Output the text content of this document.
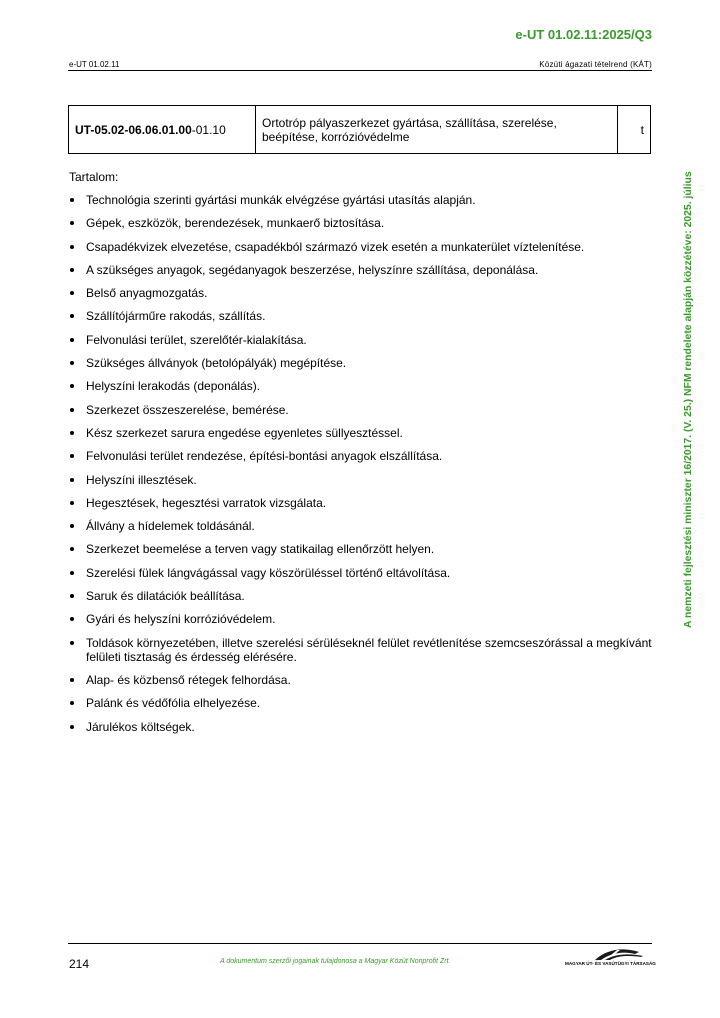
e-UT 01.02.11:2025/Q3
e-UT 01.02.11	Közúti ágazati tételrend (KÁT)
UT-05.02-06.06.01.00-01.10	Ortotróp pályaszerkezet gyártása, szállítása, szerelése, beépítése, korrózióvédelme	t
Tartalom:
Technológia szerinti gyártási munkák elvégzése gyártási utasítás alapján.
Gépek, eszközök, berendezések, munkaerő biztosítása.
Csapadékvizek elvezetése, csapadékból származó vizek esetén a munkaterület víztelenítése.
A szükséges anyagok, segédanyagok beszerzése, helyszínre szállítása, deponálása.
Belső anyagmozgatás.
Szállítójárműre rakodás, szállítás.
Felvonulási terület, szerelőtér-kialakítása.
Szükséges állványok (betolópályák) megépítése.
Helyszíni lerakodás (deponálás).
Szerkezet összeszerelése, bemérése.
Kész szerkezet sarura engedése egyenletes süllyesztéssel.
Felvonulási terület rendezése, építési-bontási anyagok elszállítása.
Helyszíni illesztések.
Hegesztések, hegesztési varratok vizsgálata.
Állvány a hídelemek toldásánál.
Szerkezet beemelése a terven vagy statikailag ellenőrzött helyen.
Szerelési fülek lángvágással vagy köszörüléssel történő eltávolítása.
Saruk és dilatációk beállítása.
Gyári és helyszíni korrózióvédelem.
Toldások környezetében, illetve szerelési sérüléseknél felület revétlenítése szemcseszórással a megkívánt felületi tisztaság és érdesség elérésére.
Alap- és közbenső rétegek felhordása.
Palánk és védőfólia elhelyezése.
Járulékos költségek.
A nemzeti fejlesztési miniszter 16/2017. (V. 25.) NFM rendelete alapján közzétéve: 2025. július
214	A dokumentum szerzői jogainak tulajdonosa a Magyar Közút Nonprofit Zrt.	MAGYAR ÚT- ÉS VASÚTÜGYI TÁRSASÁG
